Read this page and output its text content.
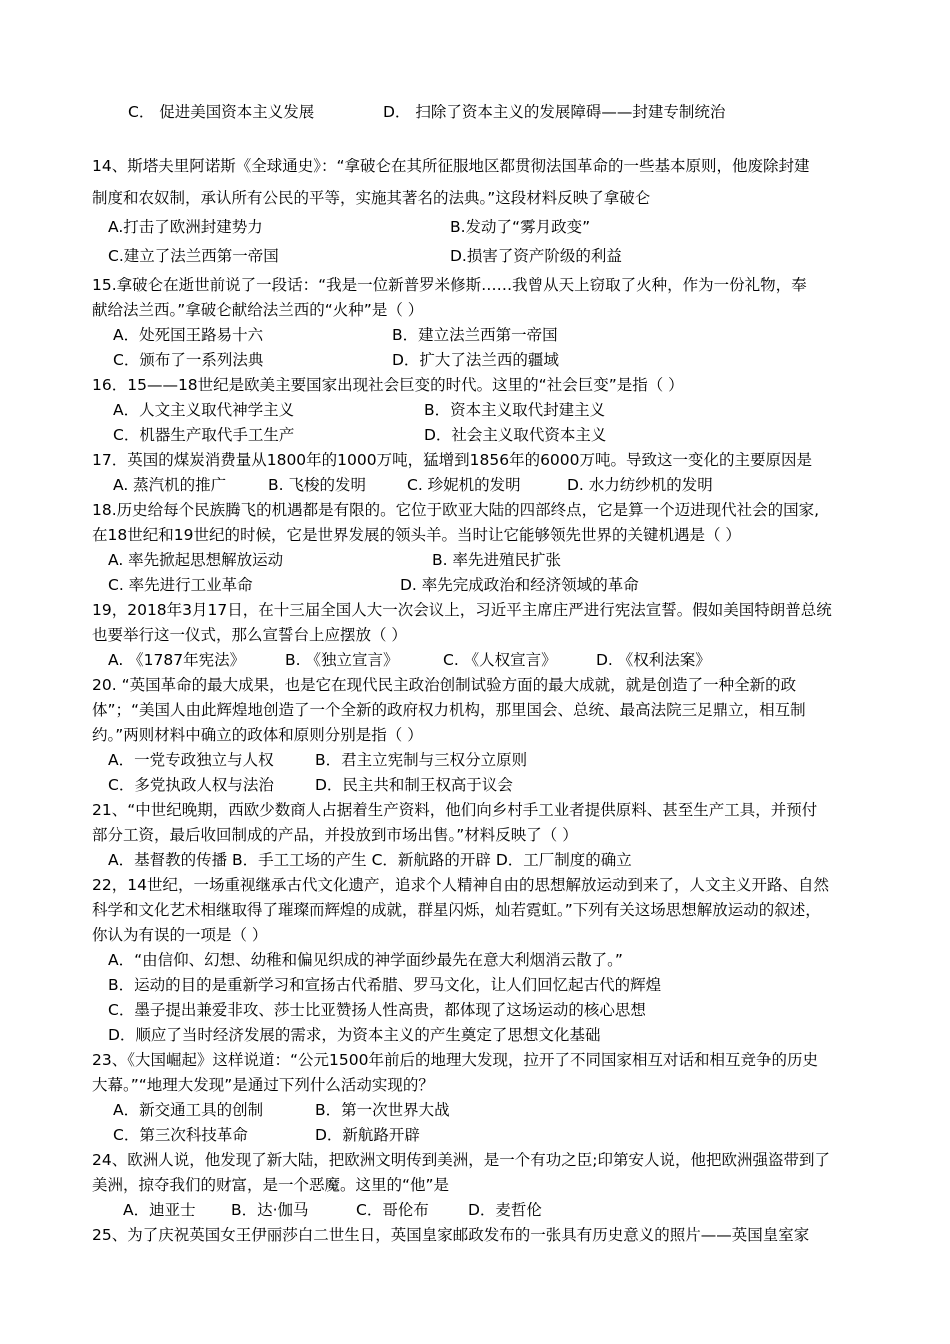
C． 促进美国资本主义发展	D． 扫除了资本主义的发展障碍——封建专制统治
14、斯塔夫里阿诺斯《全球通史》：“拿破仑在其所征服地区都贯彻法国革命的一些基本原则，他废除封建
制度和农奴制，承认所有公民的平等，实施其著名的法典。”这段材料反映了拿破仑
A.打击了欧洲封建势力	B.发动了“雾月政变”
C.建立了法兰西第一帝国	D.损害了资产阶级的利益
15.拿破仑在逝世前说了一段话：“我是一位新普罗米修斯……我曾从天上窃取了火种，作为一份礼物，奉
献给法兰西。”拿破仑献给法兰西的“火种”是（ ）
A．处死国王路易十六	B．建立法兰西第一帝国
C．颁布了一系列法典	D．扩大了法兰西的疆域
16．15——18世纪是欧美主要国家出现社会巨变的时代。这里的“社会巨变”是指（ ）
A．人文主义取代神学主义	B．资本主义取代封建主义
C．机器生产取代手工生产	D．社会主义取代资本主义
17．英国的煤炭消费量从1800年的1000万吨，猛增到1856年的6000万吨。导致这一变化的主要原因是
A. 蒸汽机的推广	B. 飞梭的发明	C. 珍妮机的发明	D. 水力纺纱机的发明
18.历史给每个民族腾飞的机遇都是有限的。它位于欧亚大陆的四部终点，它是算一个迈进现代社会的国家,
在18世纪和19世纪的时候，它是世界发展的领头羊。当时让它能够领先世界的关键机遇是（ ）
A. 率先掀起思想解放运动	B. 率先进殖民扩张
C. 率先进行工业革命	D. 率先完成政治和经济领域的革命
19，2018年3月17日，在十三届全国人大一次会议上，习近平主席庄严进行宪法宣誓。假如美国特朗普总统
也要举行这一仪式，那么宣誓台上应摆放（ ）
A. 《1787年宪法》	B. 《独立宣言》	C. 《人权宣言》	D. 《权利法案》
20. “英国革命的最大成果，也是它在现代民主政治创制试验方面的最大成就，就是创造了一种全新的政
体”；“美国人由此辉煌地创造了一个全新的政府权力机构，那里国会、总统、最高法院三足鼎立，相互制
约。”两则材料中确立的政体和原则分别是指（ ）
A．一党专政独立与人权	B．君主立宪制与三权分立原则
C．多党执政人权与法治	D．民主共和制王权高于议会
21、“中世纪晚期，西欧少数商人占据着生产资料，他们向乡村手工业者提供原料、甚至生产工具，并预付
部分工资，最后收回制成的产品，并投放到市场出售。”材料反映了（ ）
A．基督教的传播 B．手工工场的产生 C．新航路的开辟 D．工厂制度的确立
22，14世纪，一场重视继承古代文化遗产，追求个人精神自由的思想解放运动到来了，人文主义开路、自然
科学和文化艺术相继取得了璀璨而辉煌的成就，群星闪烁，灿若霓虹。”下列有关这场思想解放运动的叙述，
你认为有误的一项是（ ）
A．“由信仰、幻想、幼稚和偏见织成的神学面纱最先在意大利烟消云散了。”
B．运动的目的是重新学习和宣扬古代希腊、罗马文化，让人们回忆起古代的辉煌
C．墨子提出兼爱非攻、莎士比亚赞扬人性高贵，都体现了这场运动的核心思想
D．顺应了当时经济发展的需求，为资本主义的产生奠定了思想文化基础
23、《大国崛起》这样说道：“公元1500年前后的地理大发现，拉开了不同国家相互对话和相互竞争的历史
大幕。”“地理大发现”是通过下列什么活动实现的？
A．新交通工具的创制	B．第一次世界大战
C．第三次科技革命	D．新航路开辟
24、欧洲人说，他发现了新大陆，把欧洲文明传到美洲，是一个有功之臣;印第安人说，他把欧洲强盗带到了
美洲，掠夺我们的财富，是一个恶魔。这里的“他”是
A．迪亚士 B．达·伽马	C．哥伦布	D．麦哲伦
25、为了庆祝英国女王伊丽莎白二世生日，英国皇家邮政发布的一张具有历史意义的照片——英国皇室家
